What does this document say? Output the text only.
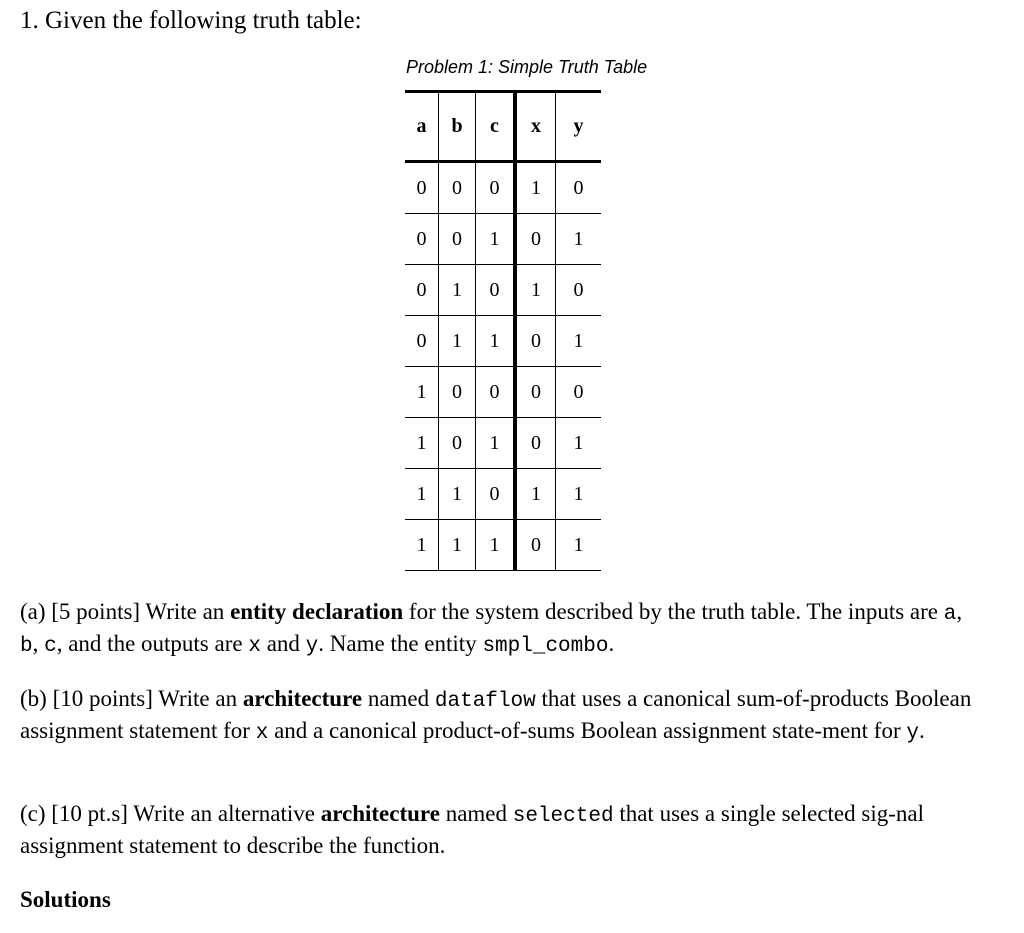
1. Given the following truth table:
Problem 1: Simple Truth Table
a	b	c	x	y
0	0	0	1	0
0	0	1	0	1
0	1	0	1	0
0	1	1	0	1
1	0	0	0	0
1	0	1	0	1
1	1	0	1	1
1	1	1	0	1
(a) [5 points] Write an entity declaration for the system described by the truth table. The inputs are a, b, c, and the outputs are x and y. Name the entity smpl_combo.
(b) [10 points] Write an architecture named dataflow that uses a canonical sum-of-products Boolean assignment statement for x and a canonical product-of-sums Boolean assignment state-ment for y.
(c) [10 pt.s] Write an alternative architecture named selected that uses a single selected sig-nal assignment statement to describe the function.
Solutions
